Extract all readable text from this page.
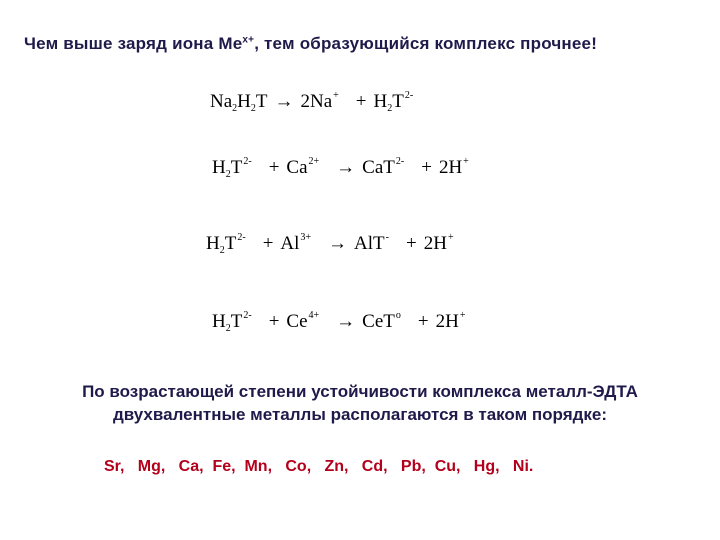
Чем выше заряд иона $Me^{x+}$, тем образующийся комплекс прочнее!
$Na_2H_2T \to 2Na^+ + H_2T^{2-}$
$H_2T^{2-} + Ca^{2+} \to CaT^{2-} + 2H^+$
$H_2T^{2-} + Al^{3+} \to AlT^- + 2H^+$
$H_2T^{2-} + Ce^{4+} \to CeT^o + 2H^+$
По возрастающей степени устойчивости комплекса металл-ЭДТА
двухвалентные металлы располагаются в таком порядке:
Sr,   Mg,   Ca,  Fe,  Mn,   Co,   Zn,   Cd,   Pb,  Cu,   Hg,   Ni.
